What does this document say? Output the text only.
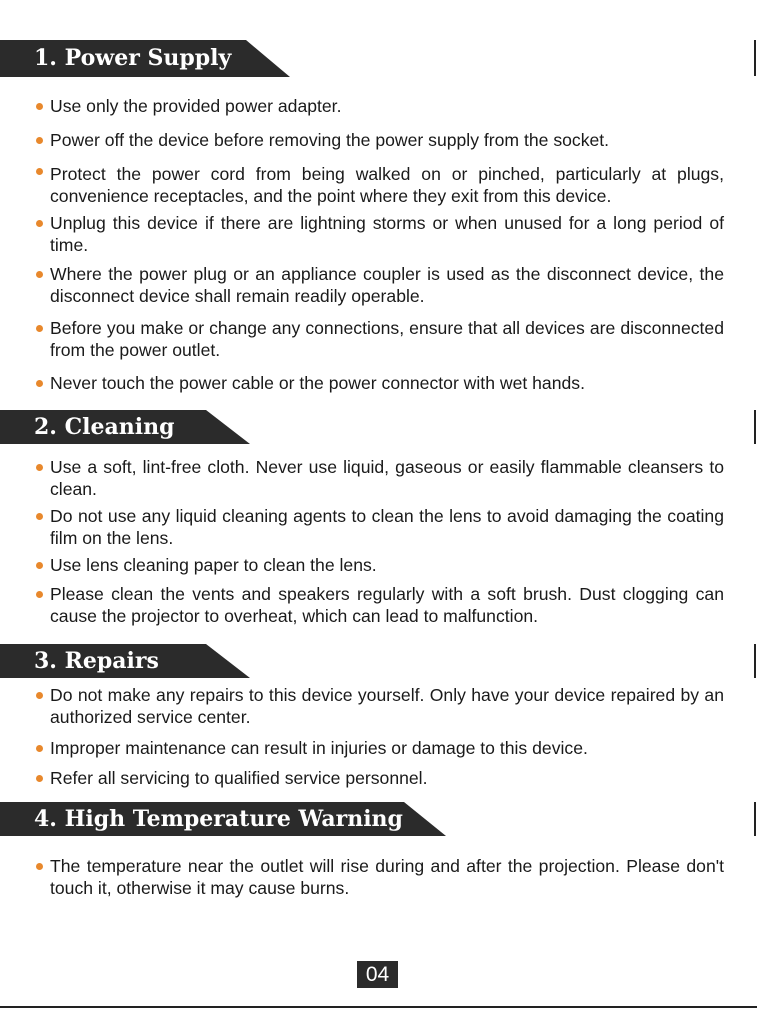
1. Power Supply
Use only the provided power adapter.
Power off the device before removing the power supply from the socket.
Protect the power cord from being walked on or pinched, particularly at plugs, convenience receptacles, and the point where they exit from this device.
Unplug this device if there are lightning storms or when unused for a long period of time.
Where the power plug or an appliance coupler is used as the disconnect device, the disconnect device shall remain readily operable.
Before you make or change any connections, ensure that all devices are disconnected from the power outlet.
Never touch the power cable or the power connector with wet hands.
2. Cleaning
Use a soft, lint-free cloth. Never use liquid, gaseous or easily flammable cleansers to clean.
Do not use any liquid cleaning agents to clean the lens to avoid damaging the coating film on the lens.
Use lens cleaning paper to clean the lens.
Please clean the vents and speakers regularly with a soft brush. Dust clogging can cause the projector to overheat, which can lead to malfunction.
3. Repairs
Do not make any repairs to this device yourself. Only have your device repaired by an authorized service center.
Improper maintenance can result in injuries or damage to this device.
Refer all servicing to qualified service personnel.
4. High Temperature Warning
The temperature near the outlet will rise during and after the projection. Please don't touch it, otherwise it may cause burns.
04
